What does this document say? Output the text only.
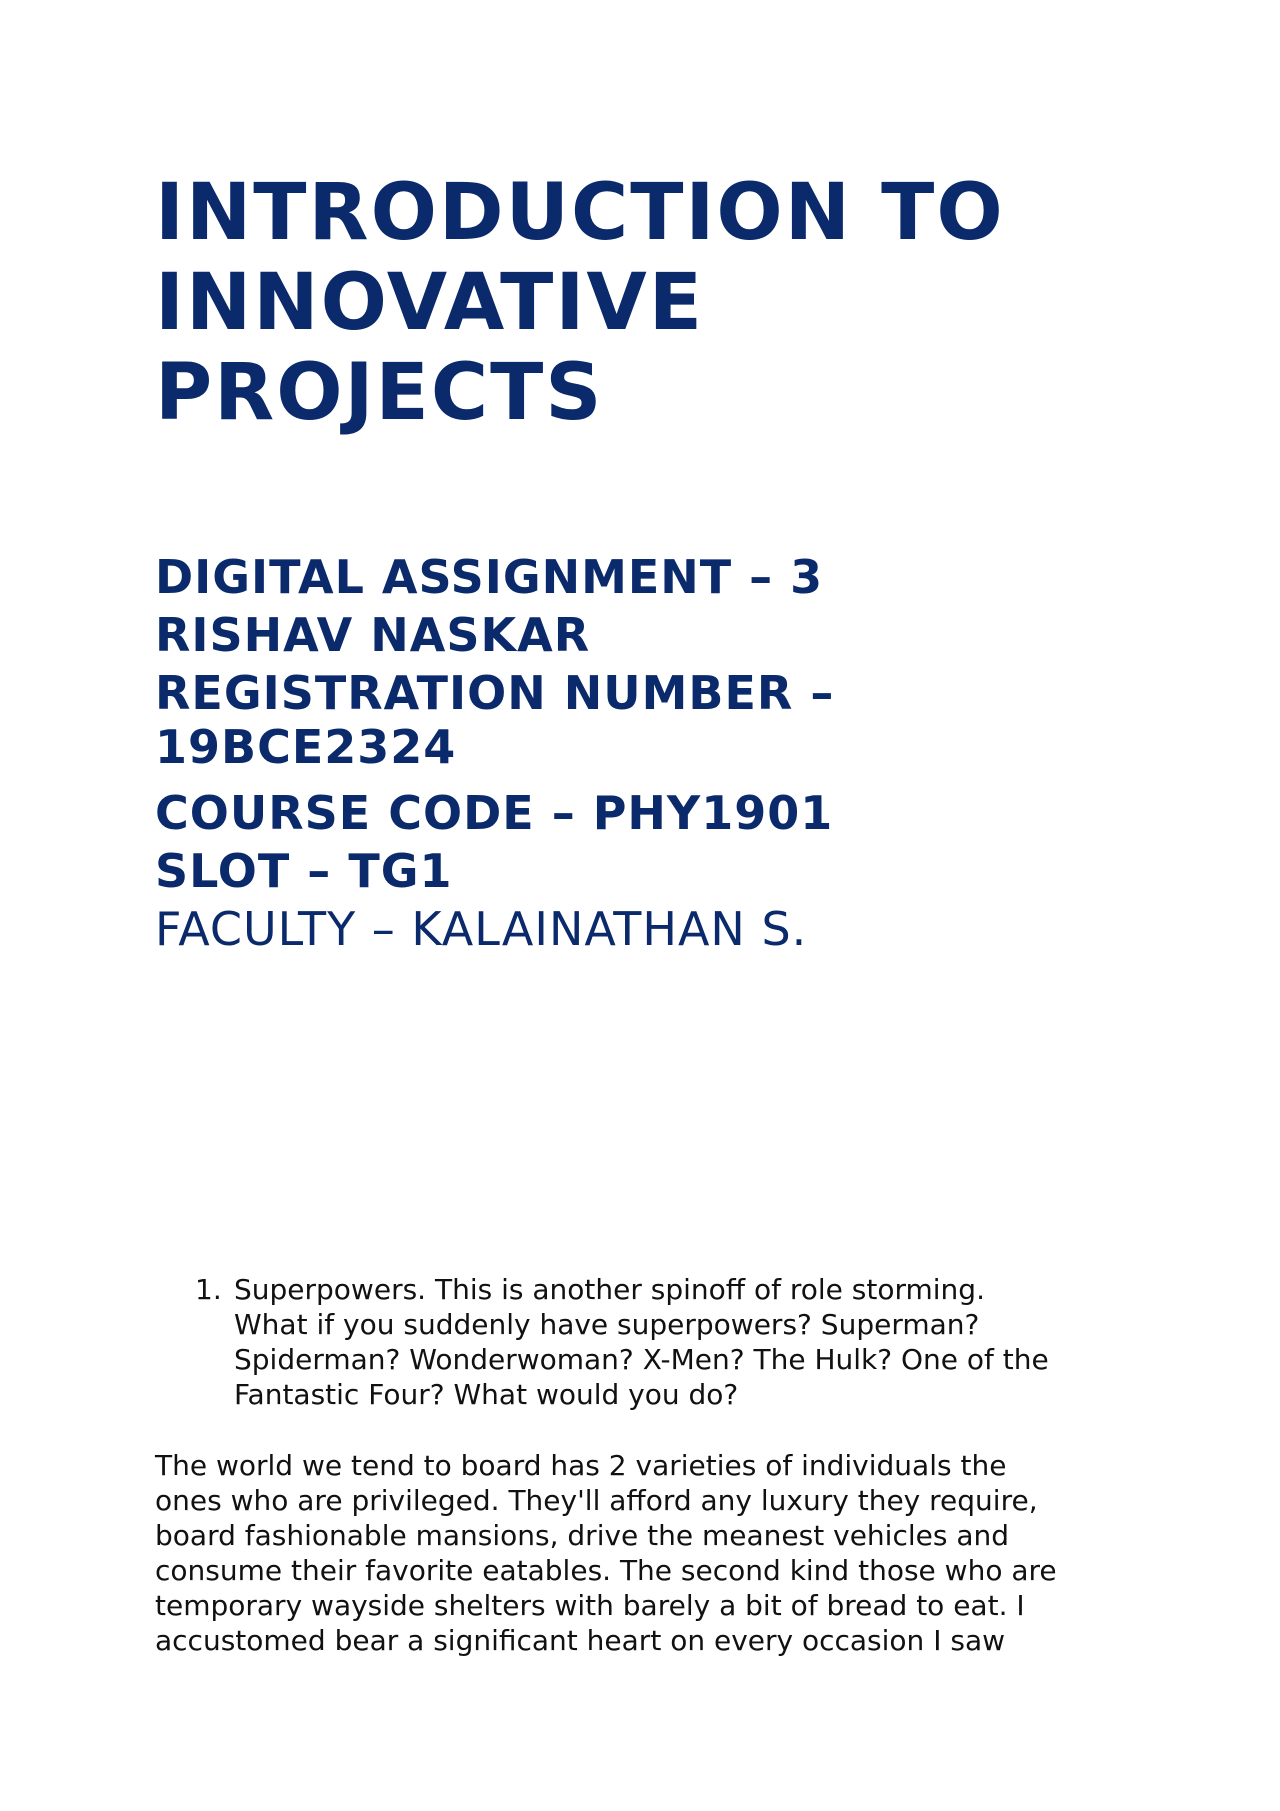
INTRODUCTION TO
INNOVATIVE
PROJECTS

DIGITAL ASSIGNMENT – 3

RISHAV NASKAR

REGISTRATION NUMBER –
19BCE2324

COURSE CODE – PHY1901

SLOT – TG1

FACULTY – KALAINATHAN S.

1. Superpowers. This is another spinoff of role storming.
What if you suddenly have superpowers? Superman?
Spiderman? Wonderwoman? X-Men? The Hulk? One of the
Fantastic Four? What would you do?

The world we tend to board has 2 varieties of individuals the
ones who are privileged. They'll afford any luxury they require,
board fashionable mansions, drive the meanest vehicles and
consume their favorite eatables. The second kind those who are
temporary wayside shelters with barely a bit of bread to eat. I
accustomed bear a significant heart on every occasion I saw
